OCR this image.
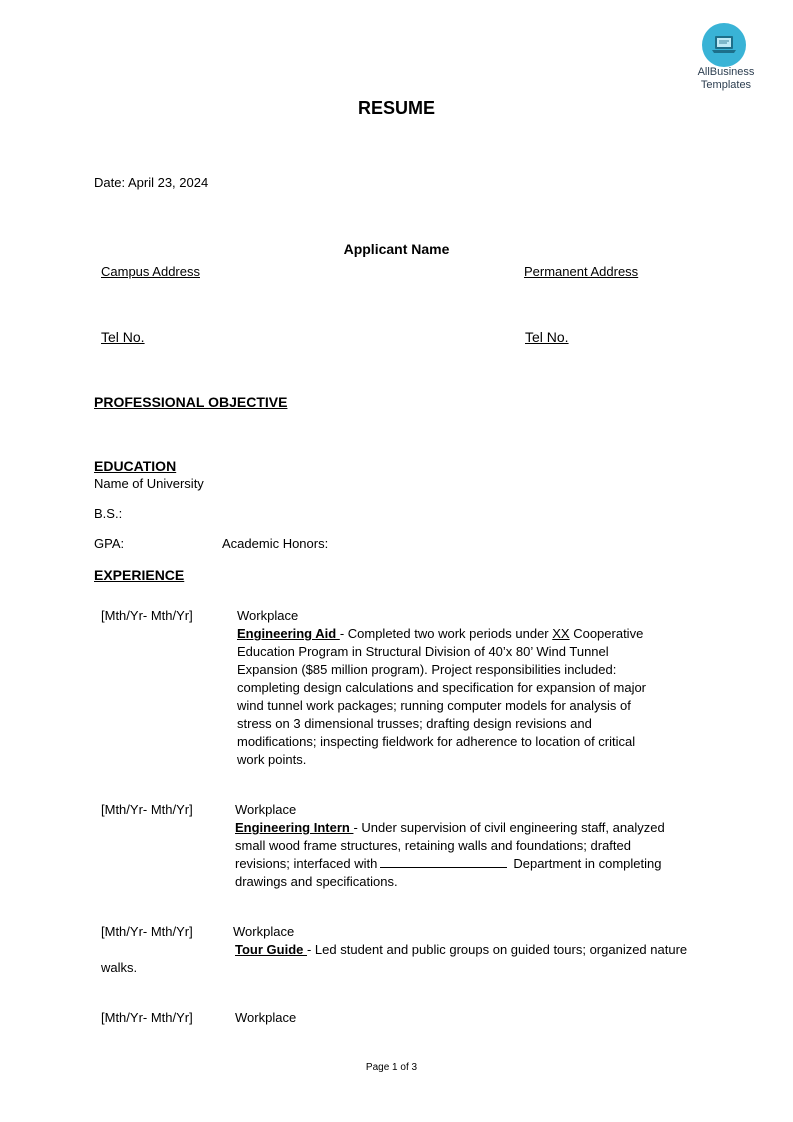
AllBusiness
Templates
RESUME
Date: April 23, 2024
Applicant Name
Campus Address	Permanent Address
Tel No.	Tel No.
PROFESSIONAL OBJECTIVE
EDUCATION
Name of University
B.S.:
GPA:	Academic Honors:
EXPERIENCE
[Mth/Yr- Mth/Yr]	Workplace
Engineering Aid - Completed two work periods under XX Cooperative
Education Program in Structural Division of 40’x 80’ Wind Tunnel
Expansion ($85 million program). Project responsibilities included:
completing design calculations and specification for expansion of major
wind tunnel work packages; running computer models for analysis of
stress on 3 dimensional trusses; drafting design revisions and
modifications; inspecting fieldwork for adherence to location of critical
work points.
[Mth/Yr- Mth/Yr]	Workplace
Engineering Intern - Under supervision of civil engineering staff, analyzed
small wood frame structures, retaining walls and foundations; drafted
revisions; interfaced with	Department in completing
drawings and specifications.
[Mth/Yr- Mth/Yr]	Workplace
Tour Guide - Led student and public groups on guided tours; organized nature
walks.
[Mth/Yr- Mth/Yr]	Workplace
Page 1 of 3
